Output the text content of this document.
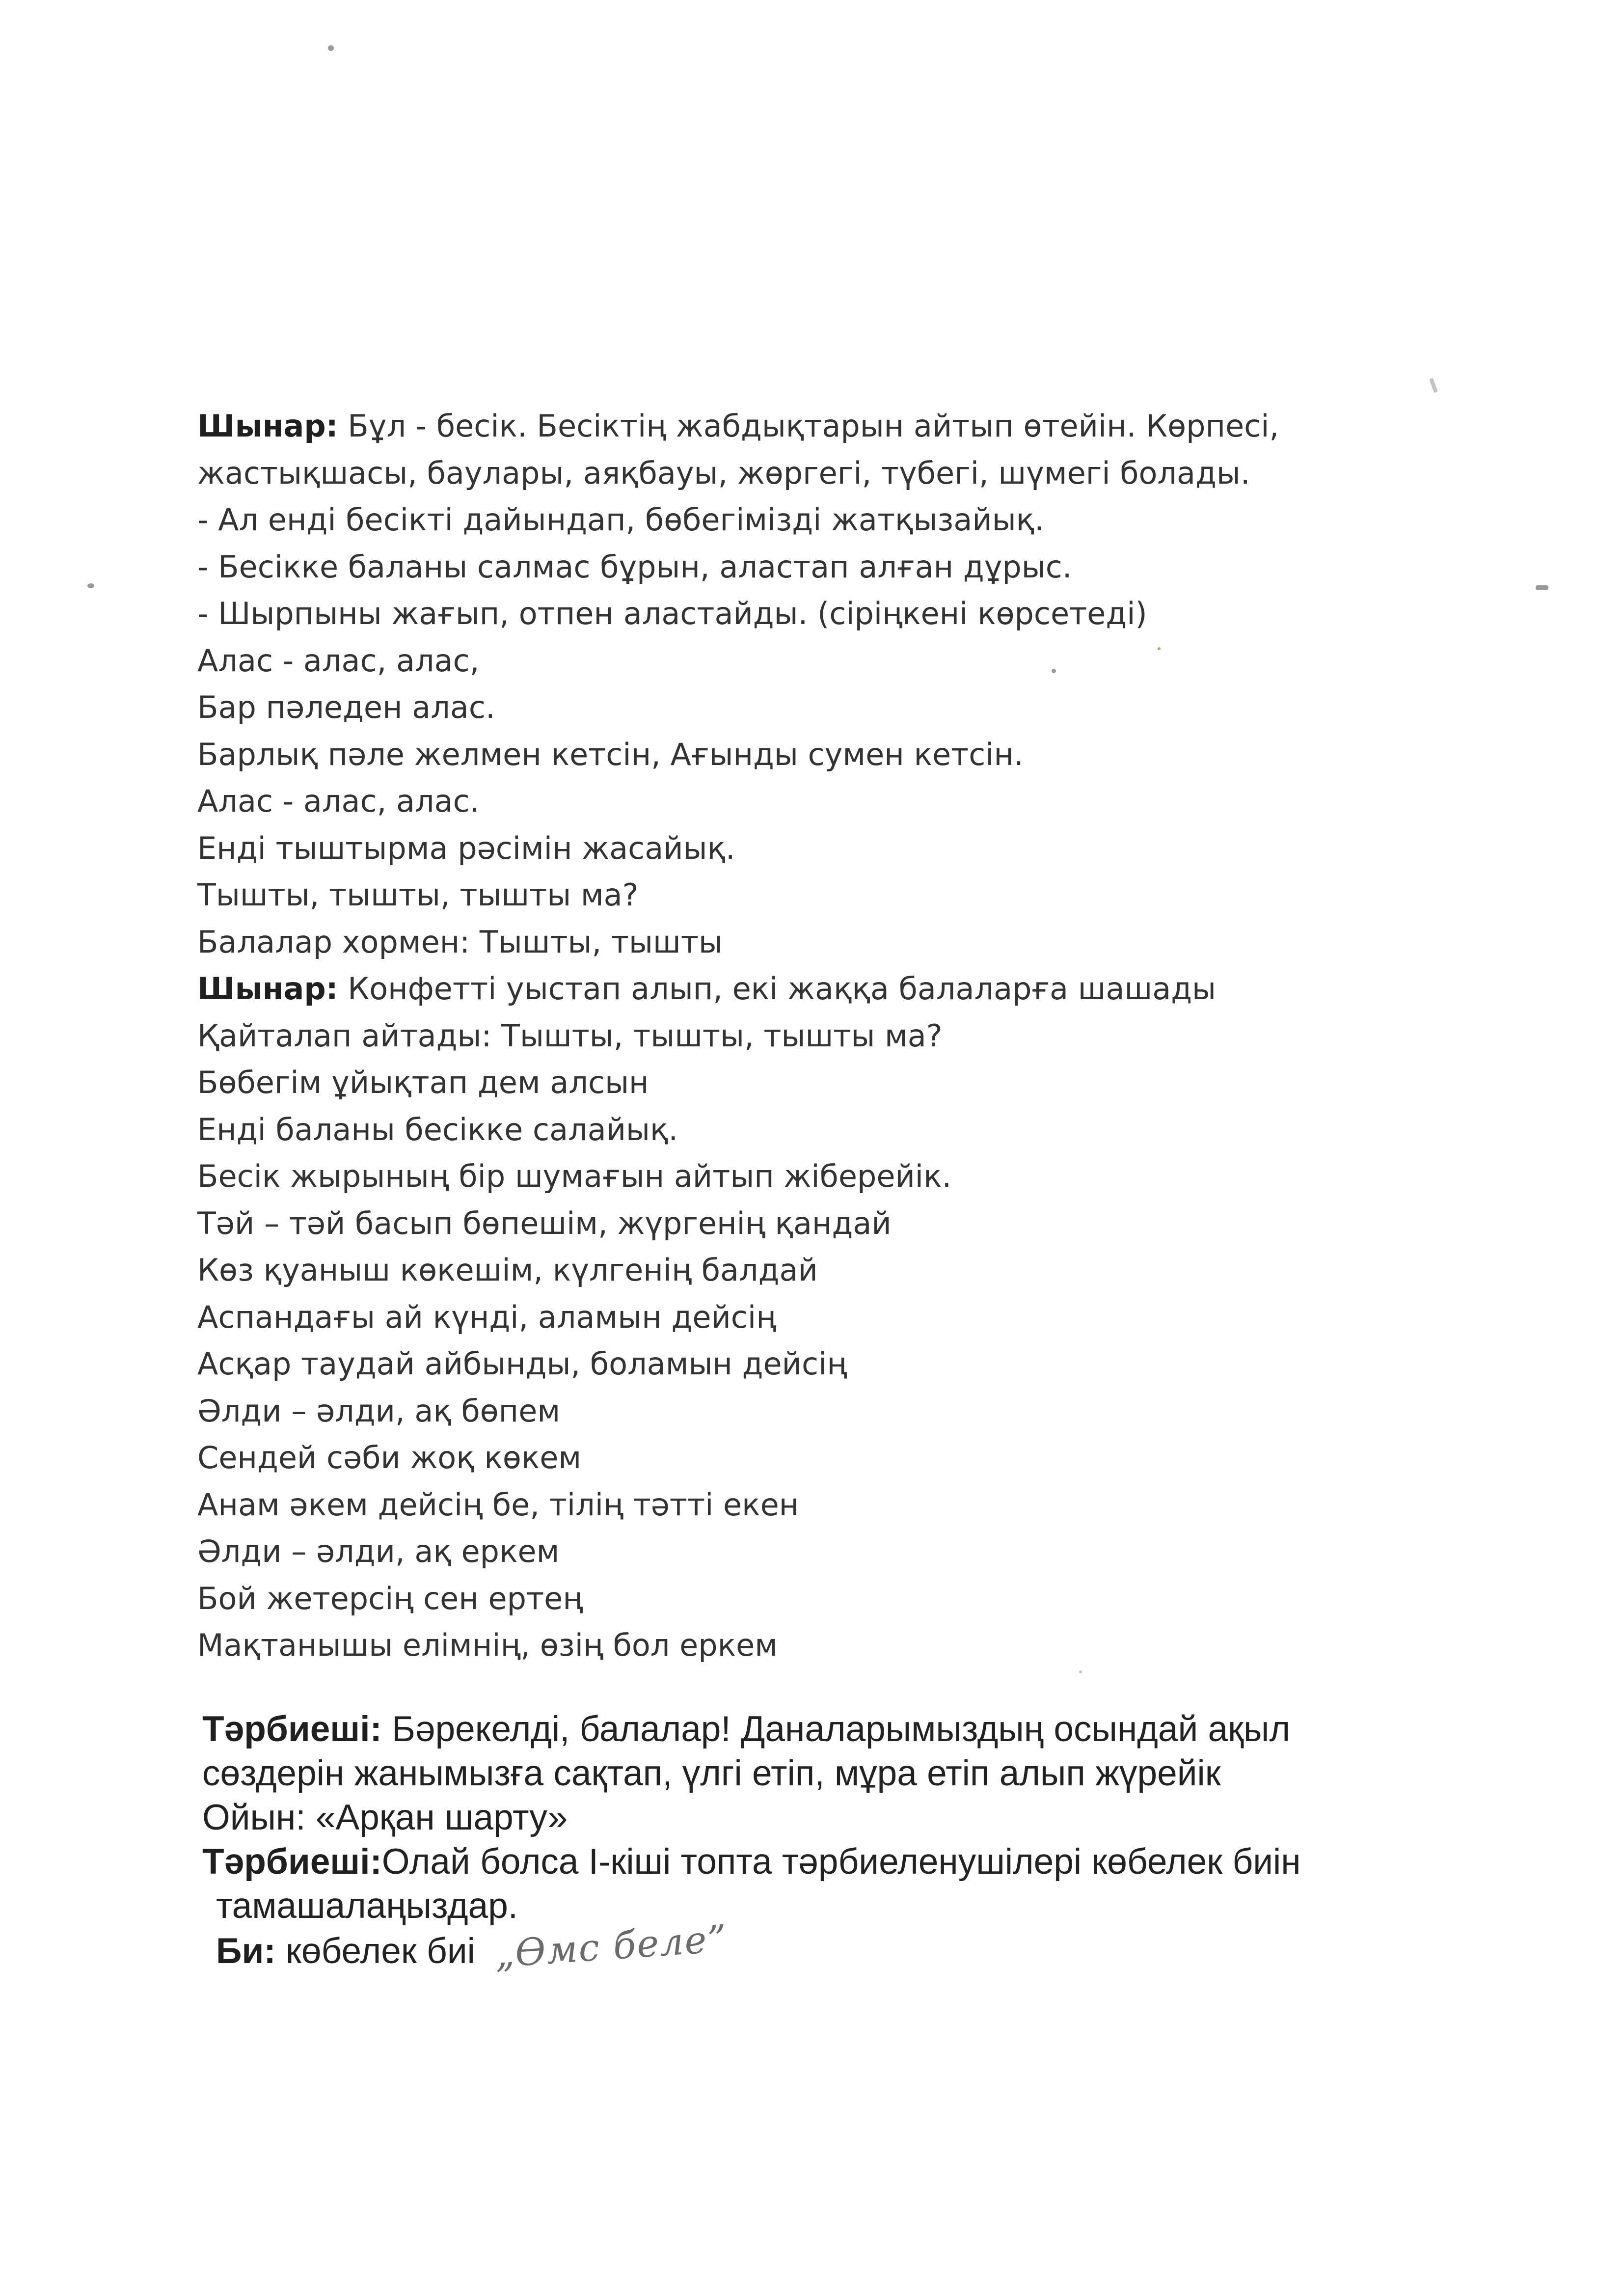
Шынар: Бұл - бесік. Бесіктің жабдықтарын айтып өтейін. Көрпесі,
жастықшасы, баулары, аяқбауы, жөргегі, түбегі, шүмегі болады.
- Ал енді бесікті дайындап, бөбегімізді жатқызайық.
- Бесікке баланы салмас бұрын, аластап алған дұрыс.
- Шырпыны жағып, отпен аластайды. (сіріңкені көрсетеді)
Алас - алас, алас,
Бар пәледен алас.
Барлық пәле желмен кетсін, Ағынды сумен кетсін.
Алас - алас, алас.
Енді тыштырма рәсімін жасайық.
Тышты, тышты, тышты ма?
Балалар хормен: Тышты, тышты
Шынар: Конфетті уыстап алып, екі жаққа балаларға шашады
Қайталап айтады: Тышты, тышты, тышты ма?
Бөбегім ұйықтап дем алсын
Енді баланы бесікке салайық.
Бесік жырының бір шумағын айтып жіберейік.
Тәй – тәй басып бөпешім, жүргенің қандай
Көз қуаныш көкешім, күлгенің балдай
Аспандағы ай күнді, аламын дейсің
Асқар таудай айбынды, боламын дейсің
Әлди – әлди, ақ бөпем
Сендей сәби жоқ көкем
Анам әкем дейсің бе, тілің тәтті екен
Әлди – әлди, ақ еркем
Бой жетерсің сен ертең
Мақтанышы елімнің, өзің бол еркем
Тәрбиеші: Бәрекелді, балалар! Даналарымыздың осындай ақыл
сөздерін жанымызға сақтап, үлгі етіп, мұра етіп алып жүрейік
Ойын: «Арқан шарту»
Тәрбиеші:Олай болса І-кіші топта тәрбиеленушілері көбелек биін
тамашалаңыздар.
Би: көбелек биі „Өмс беле”
